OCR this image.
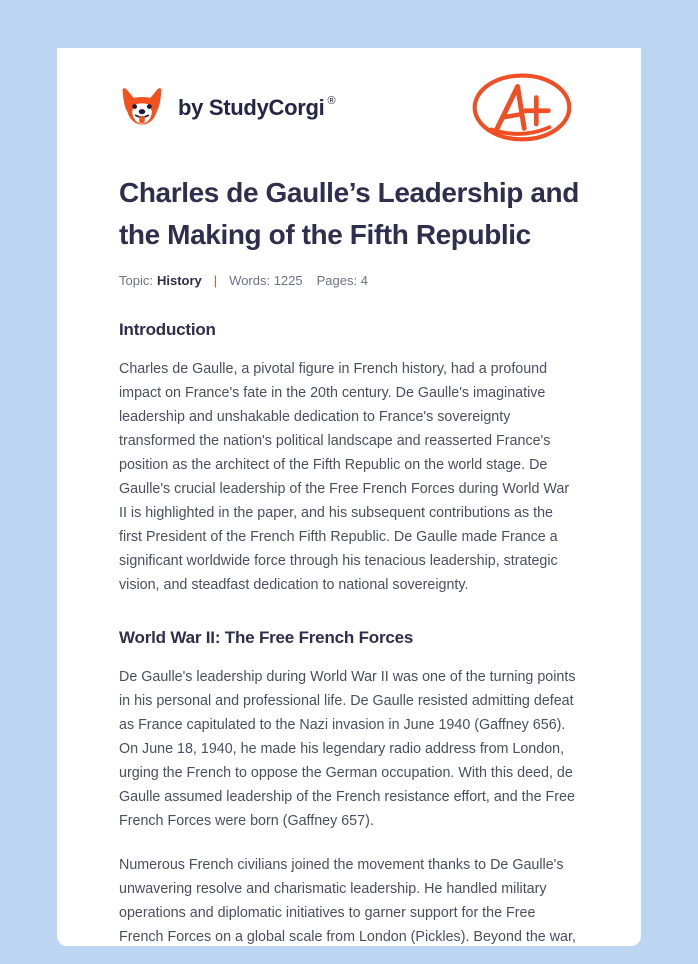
by StudyCorgi ®
Charles de Gaulle’s Leadership and the Making of the Fifth Republic
Topic: History | Words: 1225 Pages: 4
Introduction

Charles de Gaulle, a pivotal figure in French history, had a profound impact on France's fate in the 20th century. De Gaulle's imaginative leadership and unshakable dedication to France's sovereignty transformed the nation's political landscape and reasserted France's position as the architect of the Fifth Republic on the world stage. De Gaulle's crucial leadership of the Free French Forces during World War II is highlighted in the paper, and his subsequent contributions as the first President of the French Fifth Republic. De Gaulle made France a significant worldwide force through his tenacious leadership, strategic vision, and steadfast dedication to national sovereignty.

World War II: The Free French Forces

De Gaulle's leadership during World War II was one of the turning points in his personal and professional life. De Gaulle resisted admitting defeat as France capitulated to the Nazi invasion in June 1940 (Gaffney 656). On June 18, 1940, he made his legendary radio address from London, urging the French to oppose the German occupation. With this deed, de Gaulle assumed leadership of the French resistance effort, and the Free French Forces were born (Gaffney 657).

Numerous French civilians joined the movement thanks to De Gaulle's unwavering resolve and charismatic leadership. He handled military operations and diplomatic initiatives to garner support for the Free French Forces on a global scale from London (Pickles). Beyond the war,
